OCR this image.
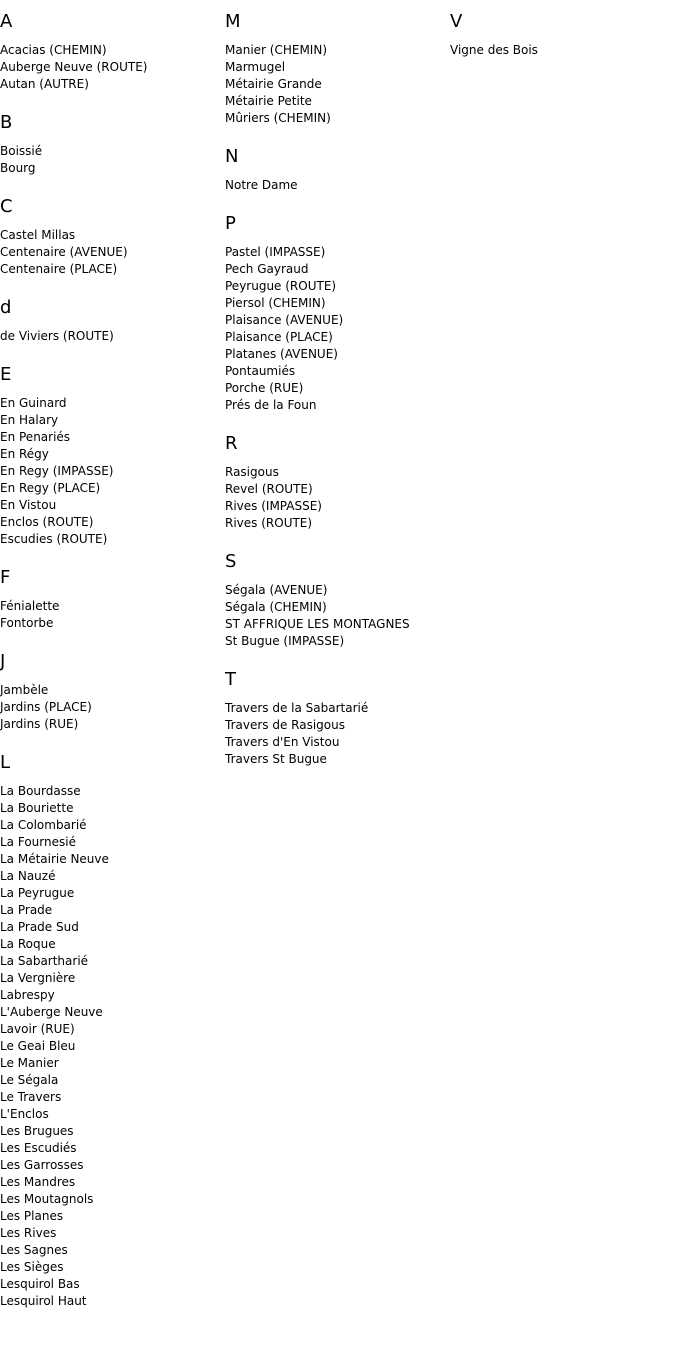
A
Acacias (CHEMIN)
Auberge Neuve (ROUTE)
Autan (AUTRE)
B
Boissié
Bourg
C
Castel Millas
Centenaire (AVENUE)
Centenaire (PLACE)
d
de Viviers (ROUTE)
E
En Guinard
En Halary
En Penariés
En Régy
En Regy (IMPASSE)
En Regy (PLACE)
En Vistou
Enclos (ROUTE)
Escudies (ROUTE)
F
Fénialette
Fontorbe
J
Jambèle
Jardins (PLACE)
Jardins (RUE)
L
La Bourdasse
La Bouriette
La Colombarié
La Fournesié
La Métairie Neuve
La Nauzé
La Peyrugue
La Prade
La Prade Sud
La Roque
La Sabartharié
La Vergnière
Labrespy
L'Auberge Neuve
Lavoir (RUE)
Le Geai Bleu
Le Manier
Le Ségala
Le Travers
L'Enclos
Les Brugues
Les Escudiés
Les Garrosses
Les Mandres
Les Moutagnols
Les Planes
Les Rives
Les Sagnes
Les Sièges
Lesquirol Bas
Lesquirol Haut
M
Manier (CHEMIN)
Marmugel
Métairie Grande
Métairie Petite
Mûriers (CHEMIN)
N
Notre Dame
P
Pastel (IMPASSE)
Pech Gayraud
Peyrugue (ROUTE)
Piersol (CHEMIN)
Plaisance (AVENUE)
Plaisance (PLACE)
Platanes (AVENUE)
Pontaumiés
Porche (RUE)
Prés de la Foun
R
Rasigous
Revel (ROUTE)
Rives (IMPASSE)
Rives (ROUTE)
S
Ségala (AVENUE)
Ségala (CHEMIN)
ST AFFRIQUE LES MONTAGNES
St Bugue (IMPASSE)
T
Travers de la Sabartarié
Travers de Rasigous
Travers d'En Vistou
Travers St Bugue
V
Vigne des Bois
